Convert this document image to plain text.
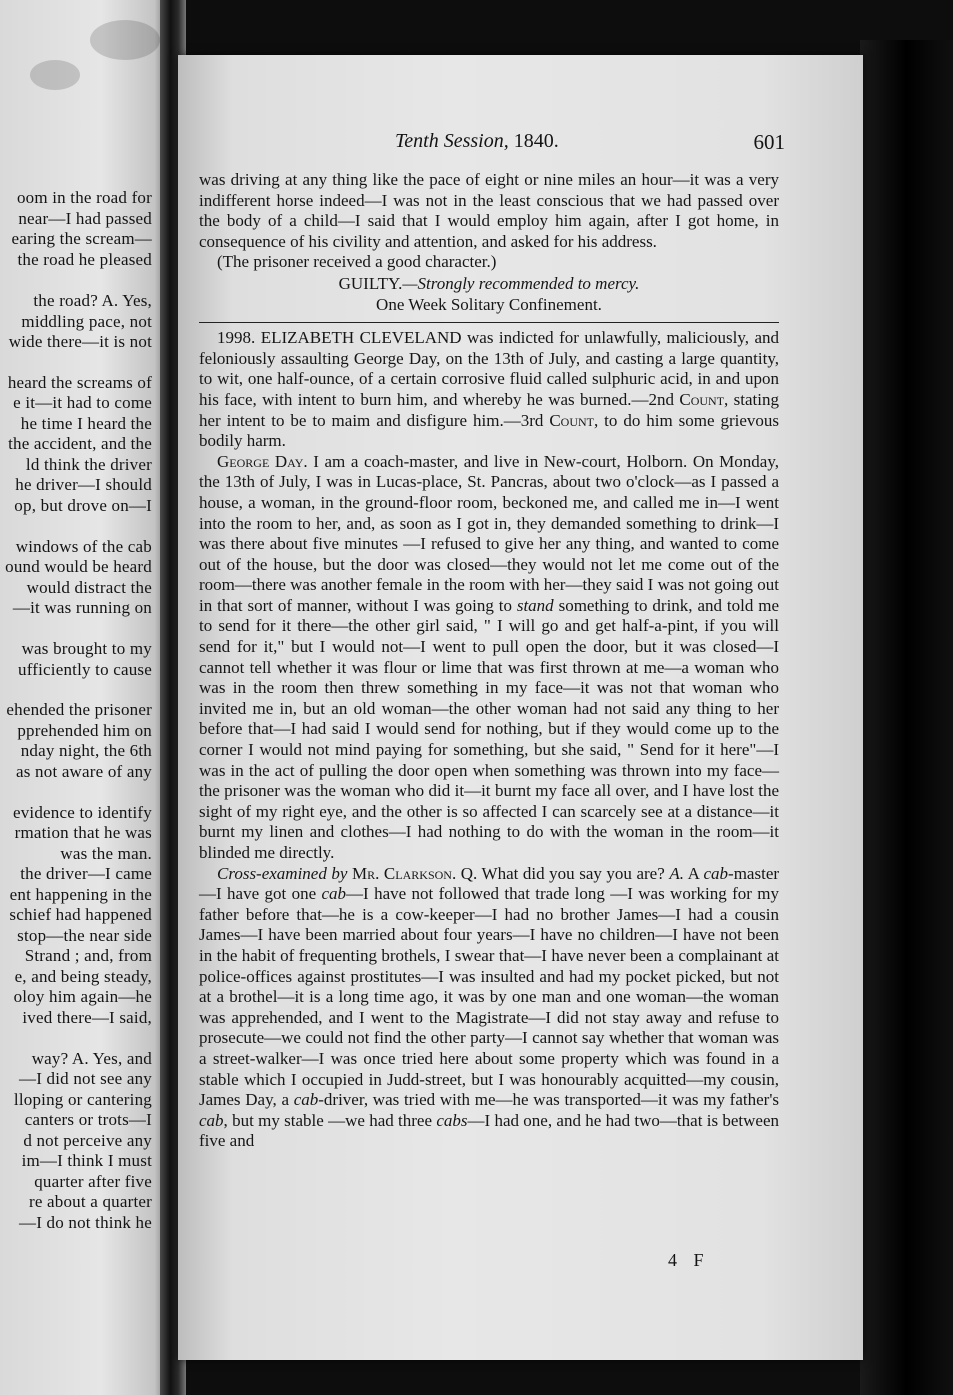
oom in the road for
near—I had passed
earing the scream—
the road he pleased
the road? A. Yes,
middling pace, not
wide there—it is not
heard the screams of
e it—it had to come
he time I heard the
the accident, and the
ld think the driver
he driver—I should
op, but drove on—I
windows of the cab
ound would be heard
would distract the
—it was running on
was brought to my
ufficiently to cause
ehended the prisoner
pprehended him on
nday night, the 6th
as not aware of any
evidence to identify
rmation that he was
was the man.
the driver—I came
ent happening in the
schief had happened
stop—the near side
Strand ; and, from
e, and being steady,
oloy him again—he
ived there—I said,
way? A. Yes, and
—I did not see any
lloping or cantering
canters or trots—I
d not perceive any
im—I think I must
quarter after five
re about a quarter
—I do not think he
Tenth Session, 1840.	601

was driving at any thing like the pace of eight or nine miles an hour—it was a very indifferent horse indeed—I was not in the least conscious that we had passed over the body of a child—I said that I would employ him again, after I got home, in consequence of his civility and attention, and asked for his address.

(The prisoner received a good character.)

GUILTY.—Strongly recommended to mercy.

One Week Solitary Confinement.

1998. ELIZABETH CLEVELAND was indicted for unlawfully, maliciously, and feloniously assaulting George Day, on the 13th of July, and casting a large quantity, to wit, one half-ounce, of a certain corrosive fluid called sulphuric acid, in and upon his face, with intent to burn him, and whereby he was burned.—2nd Count, stating her intent to be to maim and disfigure him.—3rd Count, to do him some grievous bodily harm.

George Day. I am a coach-master, and live in New-court, Holborn. On Monday, the 13th of July, I was in Lucas-place, St. Pancras, about two o'clock—as I passed a house, a woman, in the ground-floor room, beckoned me, and called me in—I went into the room to her, and, as soon as I got in, they demanded something to drink—I was there about five minutes —I refused to give her any thing, and wanted to come out of the house, but the door was closed—they would not let me come out of the room—there was another female in the room with her—they said I was not going out in that sort of manner, without I was going to stand something to drink, and told me to send for it there—the other girl said, " I will go and get half-a-pint, if you will send for it," but I would not—I went to pull open the door, but it was closed—I cannot tell whether it was flour or lime that was first thrown at me—a woman who was in the room then threw something in my face—it was not that woman who invited me in, but an old woman—the other woman had not said any thing to her before that—I had said I would send for nothing, but if they would come up to the corner I would not mind paying for something, but she said, " Send for it here"—I was in the act of pulling the door open when something was thrown into my face—the prisoner was the woman who did it—it burnt my face all over, and I have lost the sight of my right eye, and the other is so affected I can scarcely see at a distance—it burnt my linen and clothes—I had nothing to do with the woman in the room—it blinded me directly.

Cross-examined by Mr. Clarkson. Q. What did you say you are? A. A cab-master—I have got one cab—I have not followed that trade long —I was working for my father before that—he is a cow-keeper—I had no brother James—I had a cousin James—I have been married about four years—I have no children—I have not been in the habit of frequenting brothels, I swear that—I have never been a complainant at police-offices against prostitutes—I was insulted and had my pocket picked, but not at a brothel—it is a long time ago, it was by one man and one woman—the woman was apprehended, and I went to the Magistrate—I did not stay away and refuse to prosecute—we could not find the other party—I cannot say whether that woman was a street-walker—I was once tried here about some property which was found in a stable which I occupied in Judd-street, but I was honourably acquitted—my cousin, James Day, a cab-driver, was tried with me—he was transported—it was my father's cab, but my stable —we had three cabs—I had one, and he had two—that is between five and

4 F
